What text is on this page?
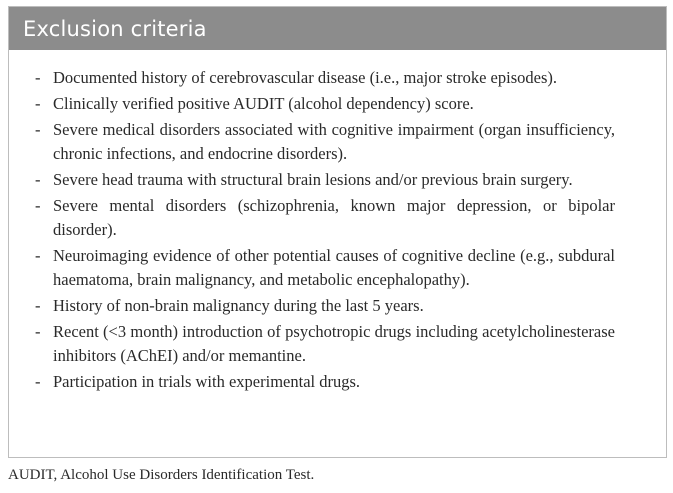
Exclusion criteria
- Documented history of cerebrovascular disease (i.e., major stroke episodes).
- Clinically verified positive AUDIT (alcohol dependency) score.
- Severe medical disorders associated with cognitive impairment (organ insufficiency, chronic infections, and endocrine disorders).
- Severe head trauma with structural brain lesions and/or previous brain surgery.
- Severe mental disorders (schizophrenia, known major depression, or bipolar disorder).
- Neuroimaging evidence of other potential causes of cognitive decline (e.g., subdural haematoma, brain malignancy, and metabolic encephalopathy).
- History of non-brain malignancy during the last 5 years.
- Recent (<3 month) introduction of psychotropic drugs including acetylcholinesterase inhibitors (AChEI) and/or memantine.
- Participation in trials with experimental drugs.
AUDIT, Alcohol Use Disorders Identification Test.
